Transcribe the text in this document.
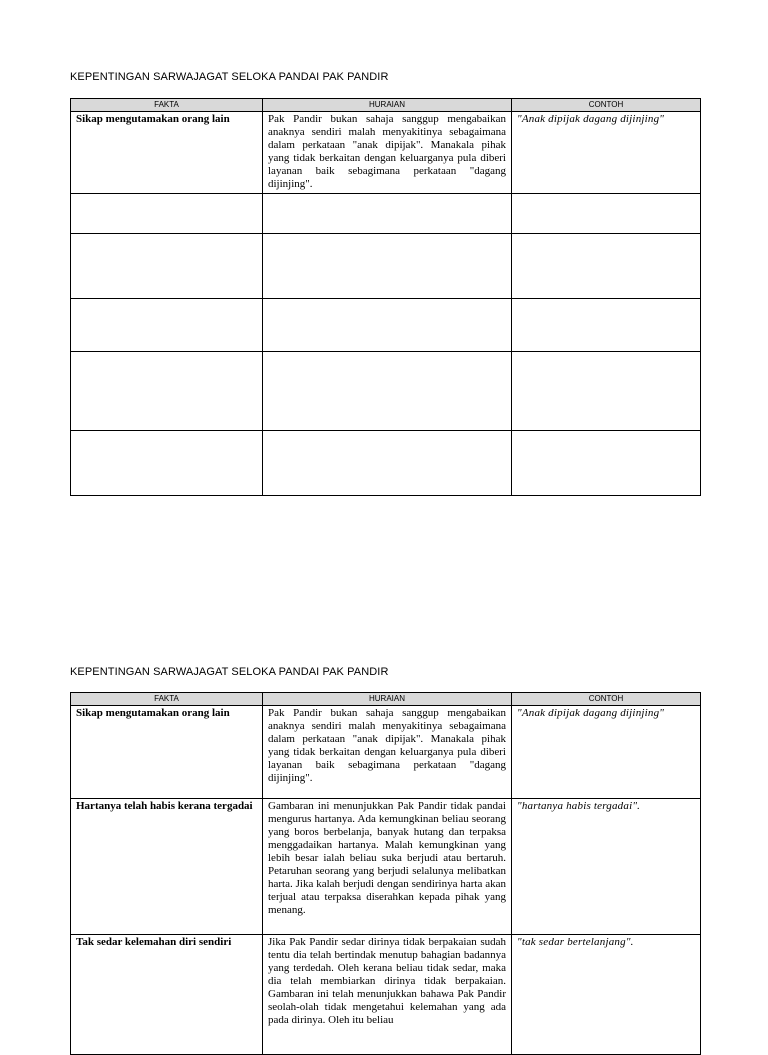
KEPENTINGAN SARWAJAGAT SELOKA PANDAI PAK PANDIR
FAKTA	HURAIAN	CONTOH
Sikap mengutamakan orang lain	Pak Pandir bukan sahaja sanggup mengabaikan anaknya sendiri malah menyakitinya sebagaimana dalam perkataan "anak dipijak". Manakala pihak yang tidak berkaitan dengan keluarganya pula diberi layanan baik sebagimana perkataan "dagang dijinjing".	"Anak dipijak dagang dijinjing"

KEPENTINGAN SARWAJAGAT SELOKA PANDAI PAK PANDIR
FAKTA	HURAIAN	CONTOH
Sikap mengutamakan orang lain	Pak Pandir bukan sahaja sanggup mengabaikan anaknya sendiri malah menyakitinya sebagaimana dalam perkataan "anak dipijak". Manakala pihak yang tidak berkaitan dengan keluarganya pula diberi layanan baik sebagimana perkataan "dagang dijinjing".	"Anak dipijak dagang dijinjing"
Hartanya telah habis kerana tergadai	Gambaran ini menunjukkan Pak Pandir tidak pandai mengurus hartanya. Ada kemungkinan beliau seorang yang boros berbelanja, banyak hutang dan terpaksa menggadaikan hartanya. Malah kemungkinan yang lebih besar ialah beliau suka berjudi atau bertaruh. Petaruhan seorang yang berjudi selalunya melibatkan harta. Jika kalah berjudi dengan sendirinya harta akan terjual atau terpaksa diserahkan kepada pihak yang menang.	"hartanya habis tergadai".
Tak sedar kelemahan diri sendiri	Jika Pak Pandir sedar dirinya tidak berpakaian sudah tentu dia telah bertindak menutup bahagian badannya yang terdedah. Oleh kerana beliau tidak sedar, maka dia telah membiarkan dirinya tidak berpakaian. Gambaran ini telah menunjukkan bahawa Pak Pandir seolah-olah tidak mengetahui kelemahan yang ada pada dirinya. Oleh itu beliau	"tak sedar bertelanjang".
